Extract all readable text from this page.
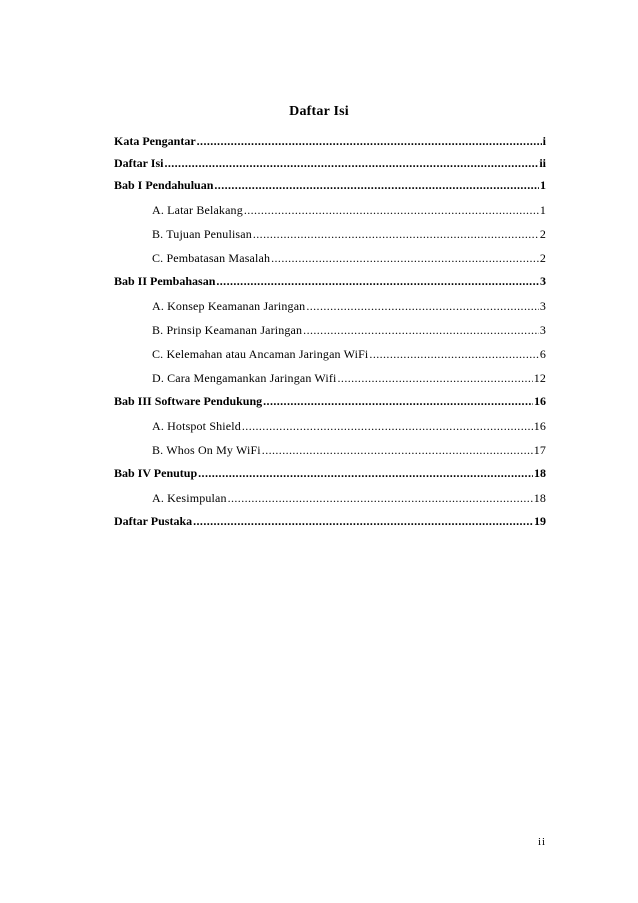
Daftar Isi
Kata Pengantar .....	i
Daftar Isi .....	ii
Bab I Pendahuluan .....	1
A. Latar Belakang .....	1
B. Tujuan Penulisan .....	2
C. Pembatasan Masalah .....	2
Bab II Pembahasan .....	3
A. Konsep Keamanan Jaringan .....	3
B. Prinsip Keamanan Jaringan .....	3
C. Kelemahan atau Ancaman Jaringan WiFi .....	6
D. Cara Mengamankan Jaringan Wifi .....	12
Bab III Software Pendukung .....	16
A. Hotspot Shield .....	16
B. Whos On My WiFi .....	17
Bab IV Penutup .....	18
A. Kesimpulan .....	18
Daftar Pustaka .....	19

ii
